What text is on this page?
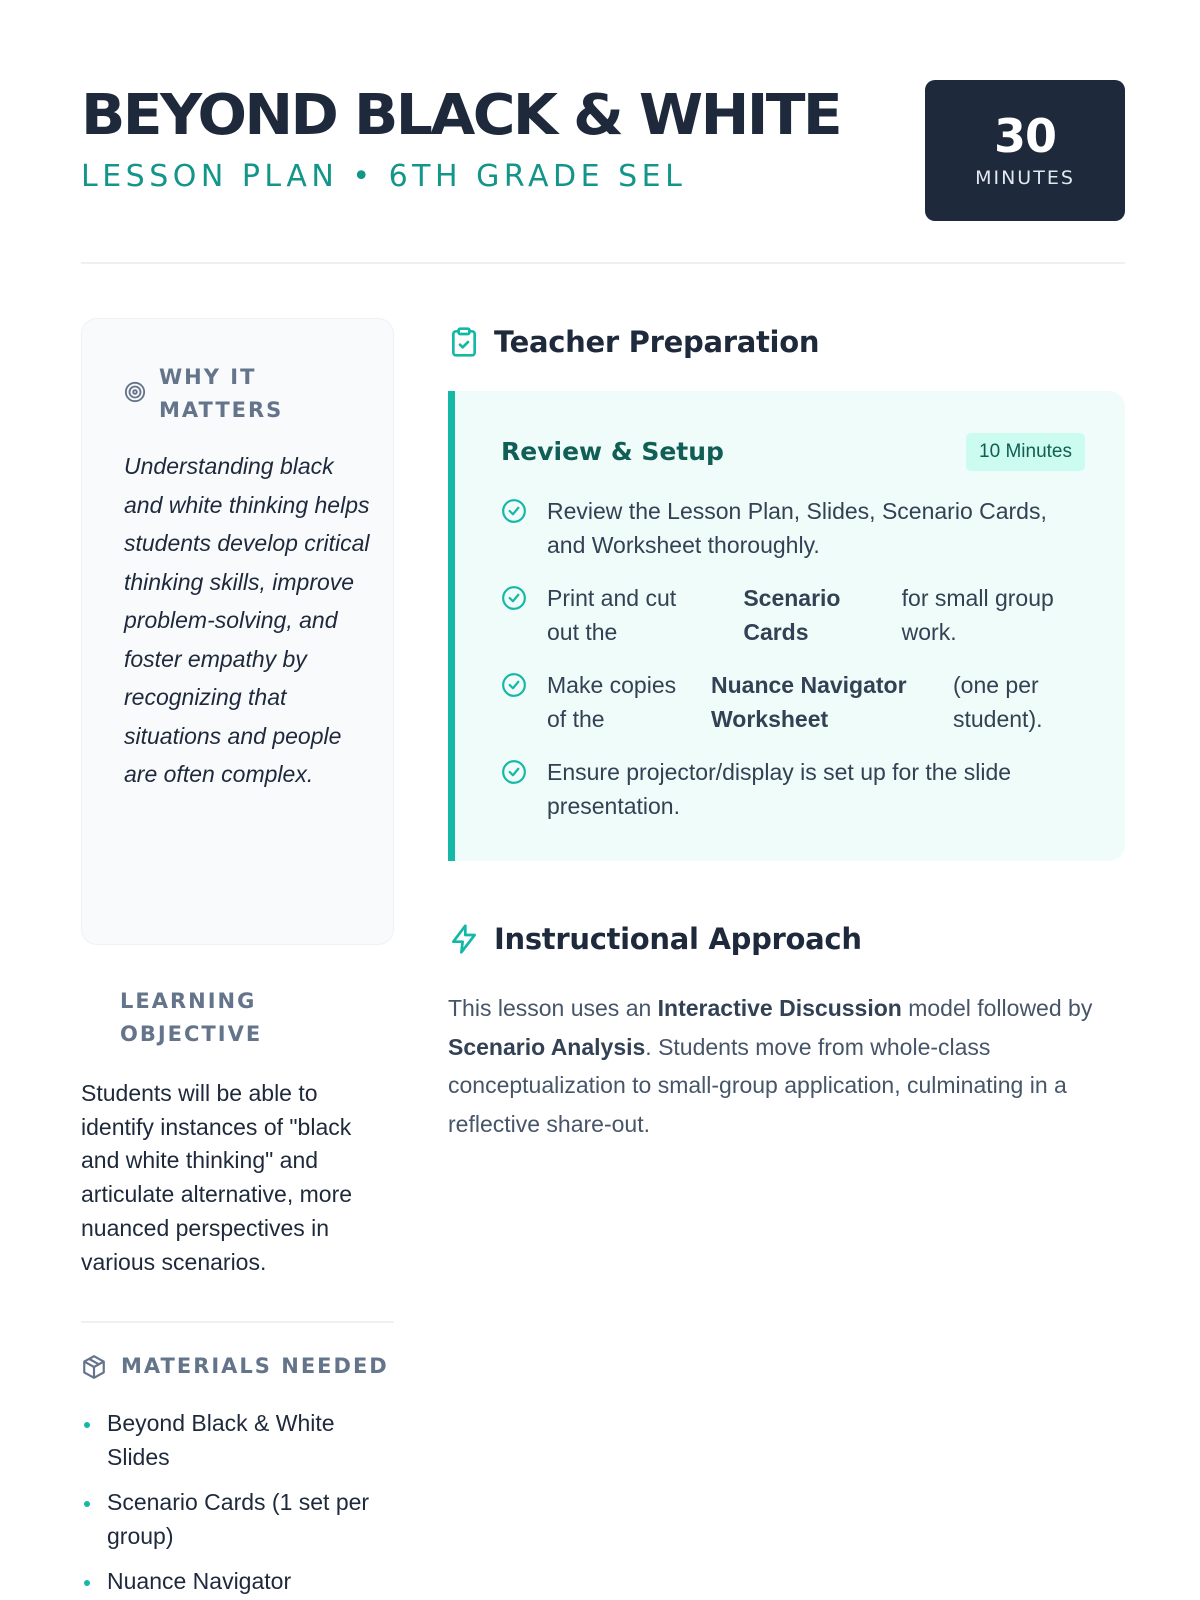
BEYOND BLACK & WHITE
LESSON PLAN • 6TH GRADE SEL
30
MINUTES
WHY IT MATTERS
Understanding black and white thinking helps students develop critical thinking skills, improve problem-solving, and foster empathy by recognizing that situations and people are often complex.
LEARNING OBJECTIVE
Students will be able to identify instances of "black and white thinking" and articulate alternative, more nuanced perspectives in various scenarios.
MATERIALS NEEDED
Beyond Black & White Slides
Scenario Cards (1 set per group)
Nuance Navigator
Teacher Preparation
Review & Setup	10 Minutes
Review the Lesson Plan, Slides, Scenario Cards, and Worksheet thoroughly.
Print and cut out the
Scenario Cards
for small group work.
Make copies of the
Nuance Navigator Worksheet
(one per student).
Ensure projector/display is set up for the slide presentation.
Instructional Approach
This lesson uses an Interactive Discussion model followed by Scenario Analysis. Students move from whole-class conceptualization to small-group application, culminating in a reflective share-out.
